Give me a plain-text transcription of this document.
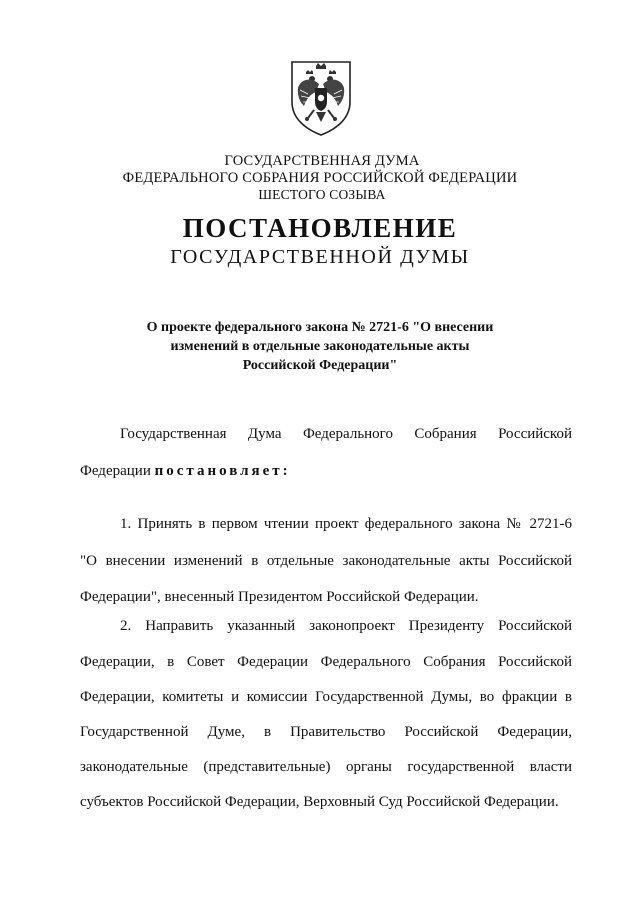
ГОСУДАРСТВЕННАЯ ДУМА
ФЕДЕРАЛЬНОГО СОБРАНИЯ РОССИЙСКОЙ ФЕДЕРАЦИИ
ШЕСТОГО СОЗЫВА
ПОСТАНОВЛЕНИЕ
ГОСУДАРСТВЕННОЙ ДУМЫ
О проекте федерального закона № 2721-6 "О внесении
изменений в отдельные законодательные акты
Российской Федерации"
Государственная Дума Федерального Собрания Российской
Федерации постановляет:
1. Принять в первом чтении проект федерального закона № 2721-6
"О внесении изменений в отдельные законодательные акты Российской
Федерации", внесенный Президентом Российской Федерации.
2. Направить указанный законопроект Президенту Российской
Федерации, в Совет Федерации Федерального Собрания Российской
Федерации, комитеты и комиссии Государственной Думы, во фракции в
Государственной Думе, в Правительство Российской Федерации,
законодательные (представительные) органы государственной власти
субъектов Российской Федерации, Верховный Суд Российской Федерации.
